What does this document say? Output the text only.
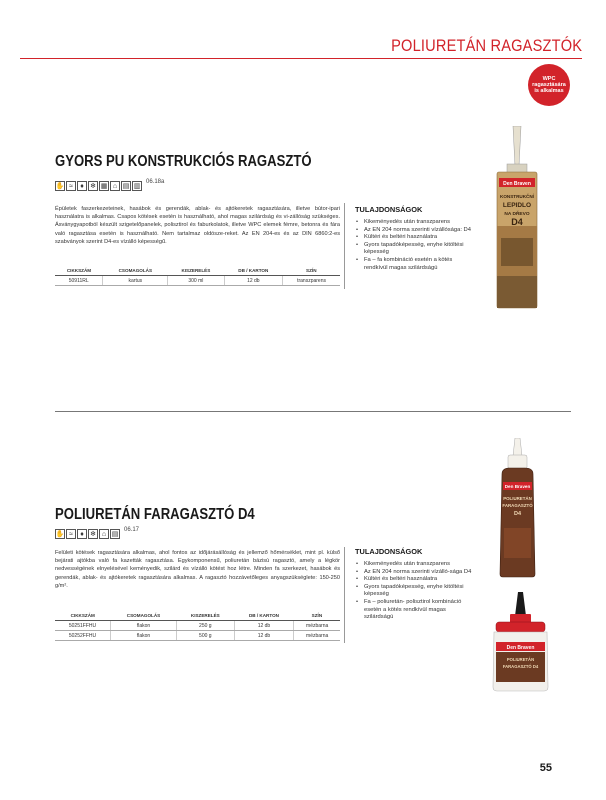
POLIURETÁN RAGASZTÓK
WPC ragasztására is alkalmas
GYORS PU KONSTRUKCIÓS RAGASZTÓ
✋ ≈	♦ ❄ ▦ ⌂ ▤ ▥
06.18a
Épületek faszerkezeteinek, hasábok és gerendák, ablak- és ajtókeretek ragasztására, illetve bútor-ipari használatra is alkalmas. Csapos kötések esetén is használható, ahol magas szilárdság és vi-zállóság szükséges. Ásványgyapotból készült szigetelőpanelek, polisztirol és faburkolatok, illetve WPC elemek fémre, betonra és fára való ragasztása esetén is használható. Nem tartalmaz oldósze-reket. Az EN 204-es és az DIN 6860:2-es szabványok szerint D4-es vízálló képességű.
CIKKSZÁM	CSOMAGOLÁS	KISZERELÉS	DB / KARTON	SZÍN
50911RL	kartus	300 ml	12 db	transzparens
TULAJDONSÁGOK
• Kikeményedés után transzparens
• Az EN 204 norma szerinti vízállósága: D4
• Kültéri és beltéri használatra
• Gyors tapadóképesség, enyhe kitöltési képesség
• Fa – fa kombináció esetén a kötés rendkívül magas szilárdságú
Den Braven
KONSTRUKČNÍ
LEPIDLO
NA DŘEVO
D4
POLIURETÁN FARAGASZTÓ D4
✋ ≈	♦ ❄ ⌂ ▤
06.17
Felületi kötések ragasztására alkalmas, ahol fontos az időjárásállóság és jellemző hőmérséklet, mint pl. külső bejárati ajtókba való fa kazetták ragasztása. Egykomponensű, poliuretán bázisú ragasztó, amely a légkör nedvességének elnyelésével keményedik, szilárd és vízálló kötést hoz létre. Minden fa szerkezet, hasábok és gerendák, ablak- és ajtókeretek ragasztására alkalmas. A ragasztó hozzávetőleges anyagszükséglete: 150-250 g/m².
CIKKSZÁM	CSOMAGOLÁS	KISZERELÉS	DB / KARTON	SZÍN
50251FFHU	flakon	250 g	12 db	mézbarna
50252FFHU	flakon	500 g	12 db	mézbarna
TULAJDONSÁGOK
• Kikeményedés után transzparens
• Az EN 204 norma szerinti vízálló-sága D4
• Kültéri és beltéri használatra
• Gyors tapadóképesség, enyhe kitöltési képesség
• Fa – poliuretán- polisztirol kombináció esetén a kötés rendkívül magas szilárdságú
Den Braven
POLIURETÁN
FARAGASZTÓ
D4
Den Braven
POLIURETÁN
FARAGASZTÓ D4
55
